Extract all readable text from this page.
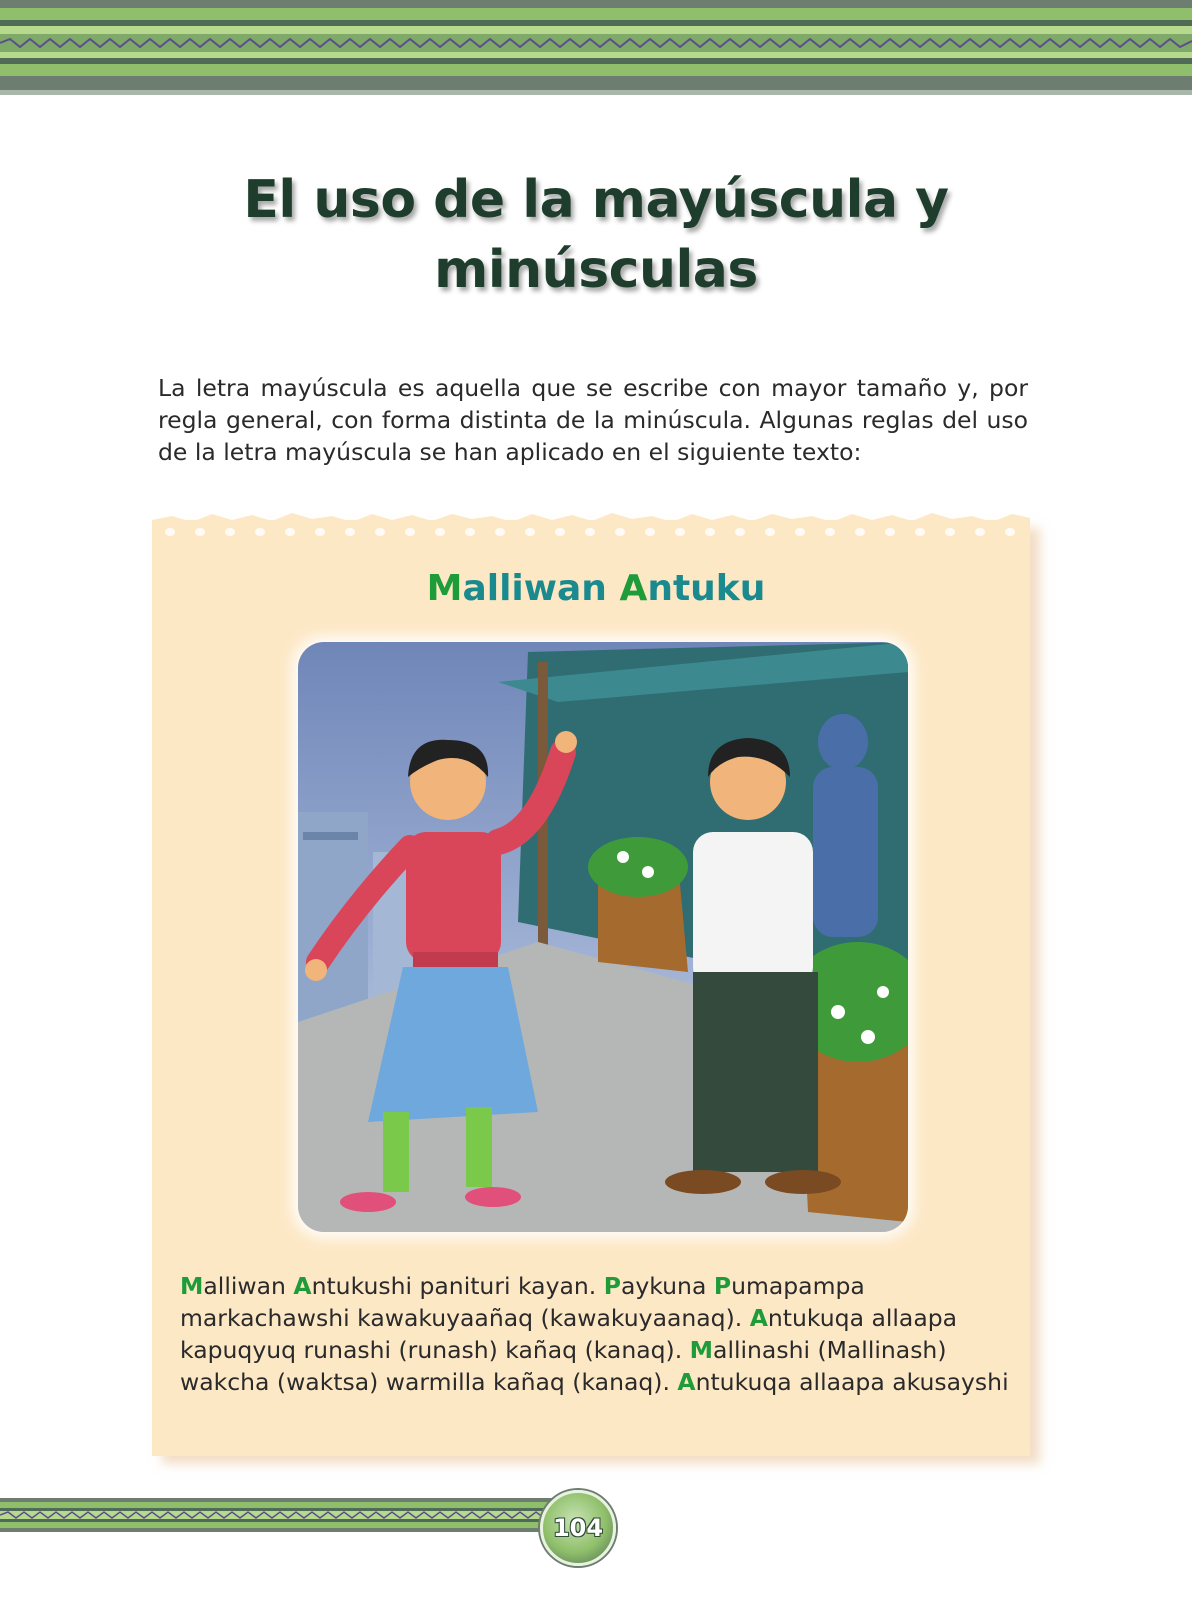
El uso de la mayúscula y
minúsculas
La letra mayúscula es aquella que se escribe con mayor tamaño y, por regla general, con forma distinta de la minúscula. Algunas reglas del uso de la letra mayúscula se han aplicado en el siguiente texto:
Malliwan Antuku
Malliwan Antukushi panituri kayan. Paykuna Pumapampa markachawshi kawakuyaañaq (kawakuyaanaq). Antukuqa allaapa kapuqyuq runashi (runash) kañaq (kanaq). Mallinashi (Mallinash) wakcha (waktsa) warmilla kañaq (kanaq). Antukuqa allaapa akusayshi
104
